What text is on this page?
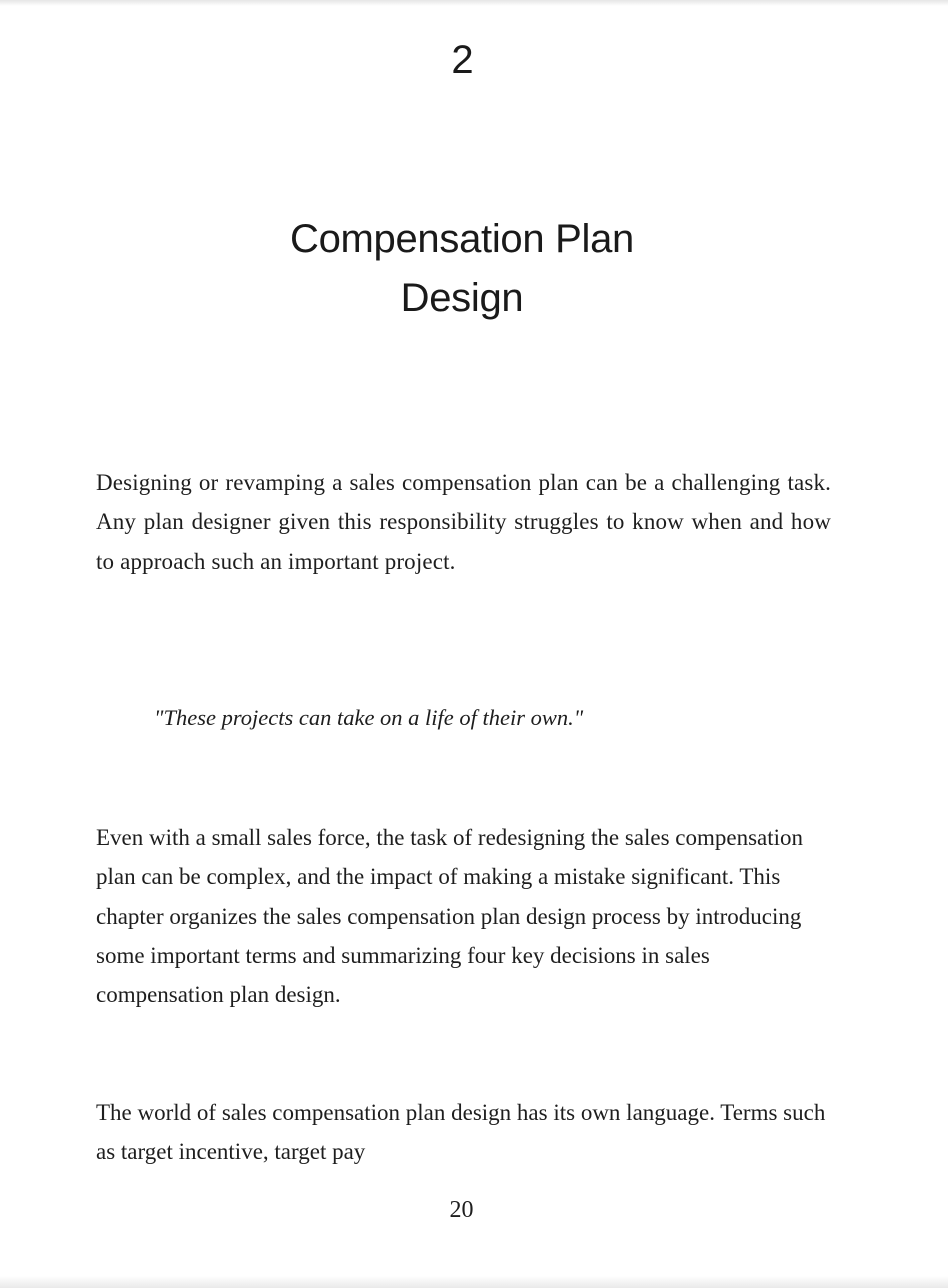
2
Compensation Plan
Design

Designing or revamping a sales compensation plan can be a challenging task. Any plan designer given this responsibility struggles to know when and how to approach such an important project.

"These projects can take on a life of their own."

Even with a small sales force, the task of redesigning the sales compensation plan can be complex, and the impact of making a mistake significant. This chapter organizes the sales compensation plan design process by introducing some important terms and summarizing four key decisions in sales compensation plan design.

The world of sales compensation plan design has its own language. Terms such as target incentive, target pay

20
